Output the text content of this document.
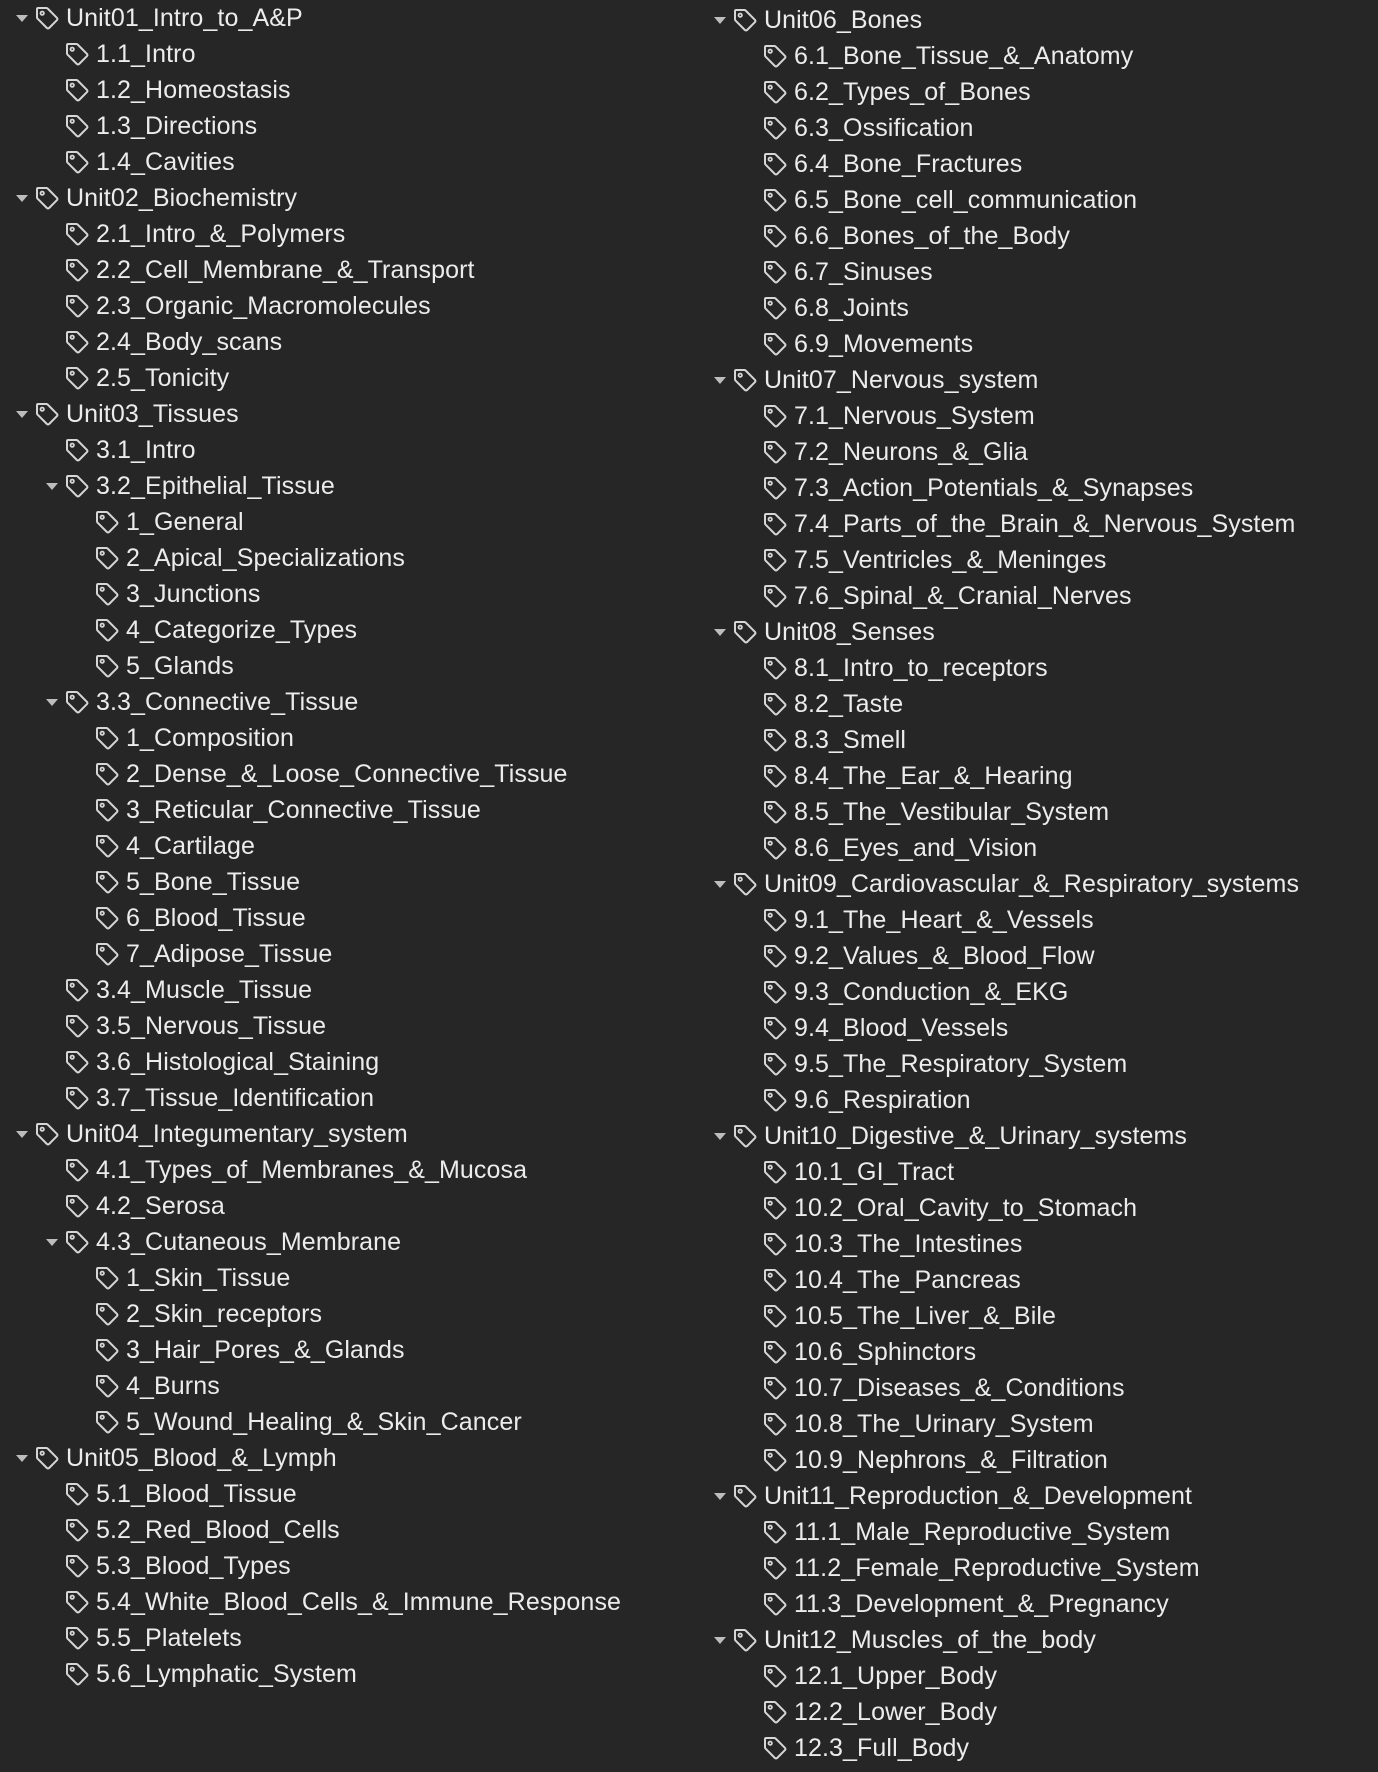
Unit01_Intro_to_A&P
1.1_Intro
1.2_Homeostasis
1.3_Directions
1.4_Cavities
Unit02_Biochemistry
2.1_Intro_&_Polymers
2.2_Cell_Membrane_&_Transport
2.3_Organic_Macromolecules
2.4_Body_scans
2.5_Tonicity
Unit03_Tissues
3.1_Intro
3.2_Epithelial_Tissue
1_General
2_Apical_Specializations
3_Junctions
4_Categorize_Types
5_Glands
3.3_Connective_Tissue
1_Composition
2_Dense_&_Loose_Connective_Tissue
3_Reticular_Connective_Tissue
4_Cartilage
5_Bone_Tissue
6_Blood_Tissue
7_Adipose_Tissue
3.4_Muscle_Tissue
3.5_Nervous_Tissue
3.6_Histological_Staining
3.7_Tissue_Identification
Unit04_Integumentary_system
4.1_Types_of_Membranes_&_Mucosa
4.2_Serosa
4.3_Cutaneous_Membrane
1_Skin_Tissue
2_Skin_receptors
3_Hair_Pores_&_Glands
4_Burns
5_Wound_Healing_&_Skin_Cancer
Unit05_Blood_&_Lymph
5.1_Blood_Tissue
5.2_Red_Blood_Cells
5.3_Blood_Types
5.4_White_Blood_Cells_&_Immune_Response
5.5_Platelets
5.6_Lymphatic_System
Unit06_Bones
6.1_Bone_Tissue_&_Anatomy
6.2_Types_of_Bones
6.3_Ossification
6.4_Bone_Fractures
6.5_Bone_cell_communication
6.6_Bones_of_the_Body
6.7_Sinuses
6.8_Joints
6.9_Movements
Unit07_Nervous_system
7.1_Nervous_System
7.2_Neurons_&_Glia
7.3_Action_Potentials_&_Synapses
7.4_Parts_of_the_Brain_&_Nervous_System
7.5_Ventricles_&_Meninges
7.6_Spinal_&_Cranial_Nerves
Unit08_Senses
8.1_Intro_to_receptors
8.2_Taste
8.3_Smell
8.4_The_Ear_&_Hearing
8.5_The_Vestibular_System
8.6_Eyes_and_Vision
Unit09_Cardiovascular_&_Respiratory_systems
9.1_The_Heart_&_Vessels
9.2_Values_&_Blood_Flow
9.3_Conduction_&_EKG
9.4_Blood_Vessels
9.5_The_Respiratory_System
9.6_Respiration
Unit10_Digestive_&_Urinary_systems
10.1_GI_Tract
10.2_Oral_Cavity_to_Stomach
10.3_The_Intestines
10.4_The_Pancreas
10.5_The_Liver_&_Bile
10.6_Sphinctors
10.7_Diseases_&_Conditions
10.8_The_Urinary_System
10.9_Nephrons_&_Filtration
Unit11_Reproduction_&_Development
11.1_Male_Reproductive_System
11.2_Female_Reproductive_System
11.3_Development_&_Pregnancy
Unit12_Muscles_of_the_body
12.1_Upper_Body
12.2_Lower_Body
12.3_Full_Body
